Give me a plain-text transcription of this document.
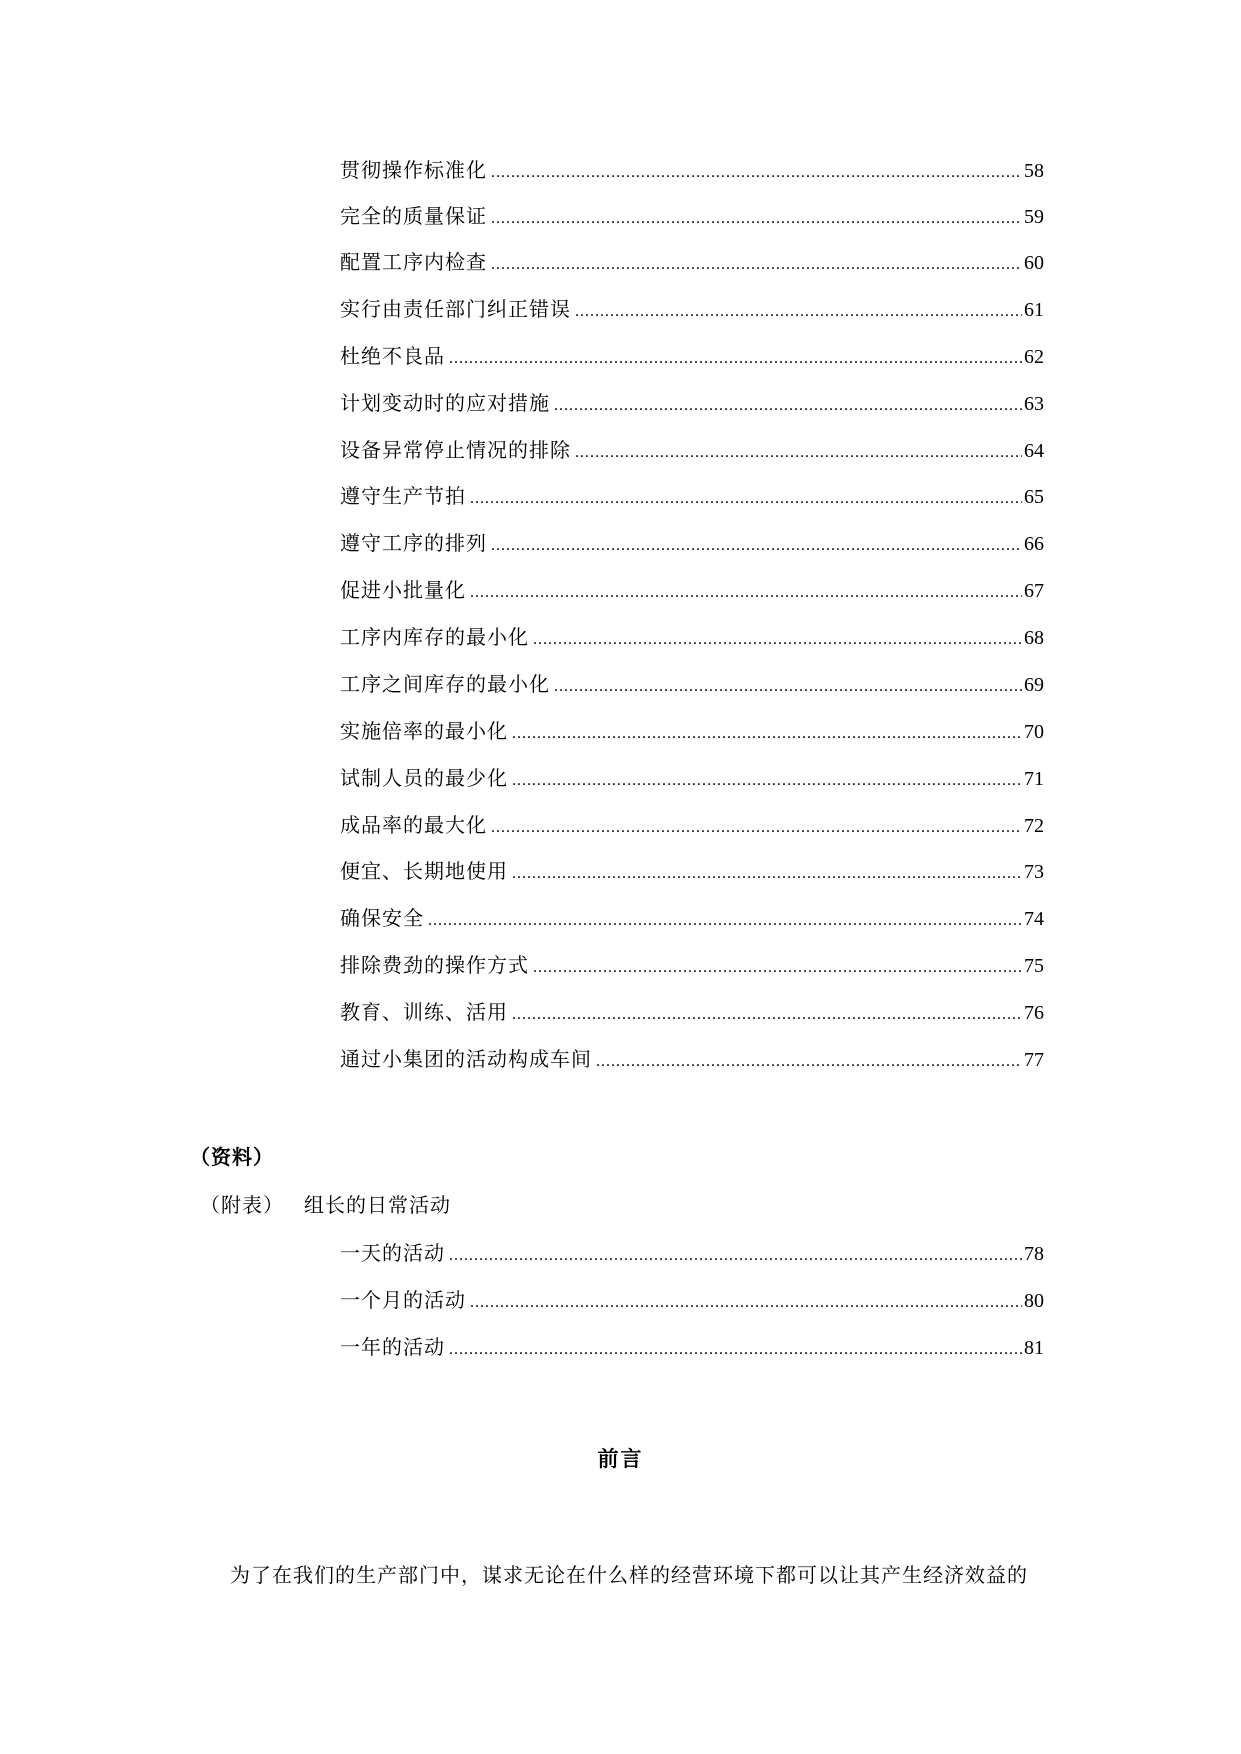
贯彻操作标准化 .....	58
完全的质量保证 .....	59
配置工序内检查 .....	60
实行由责任部门纠正错误 .....	61
杜绝不良品 .....	62
计划变动时的应对措施 .....	63
设备异常停止情况的排除 .....	64
遵守生产节拍 .....	65
遵守工序的排列 .....	66
促进小批量化 .....	67
工序内库存的最小化 .....	68
工序之间库存的最小化 .....	69
实施倍率的最小化 .....	70
试制人员的最少化 .....	71
成品率的最大化 .....	72
便宜、长期地使用 .....	73
确保安全 .....	74
排除费劲的操作方式 .....	75
教育、训练、活用 .....	76
通过小集团的活动构成车间 .....	77
（资料）
（附表） 组长的日常活动
一天的活动 .....	78
一个月的活动 .....	80
一年的活动 .....	81
前言
为了在我们的生产部门中，谋求无论在什么样的经营环境下都可以让其产生经济效益的
